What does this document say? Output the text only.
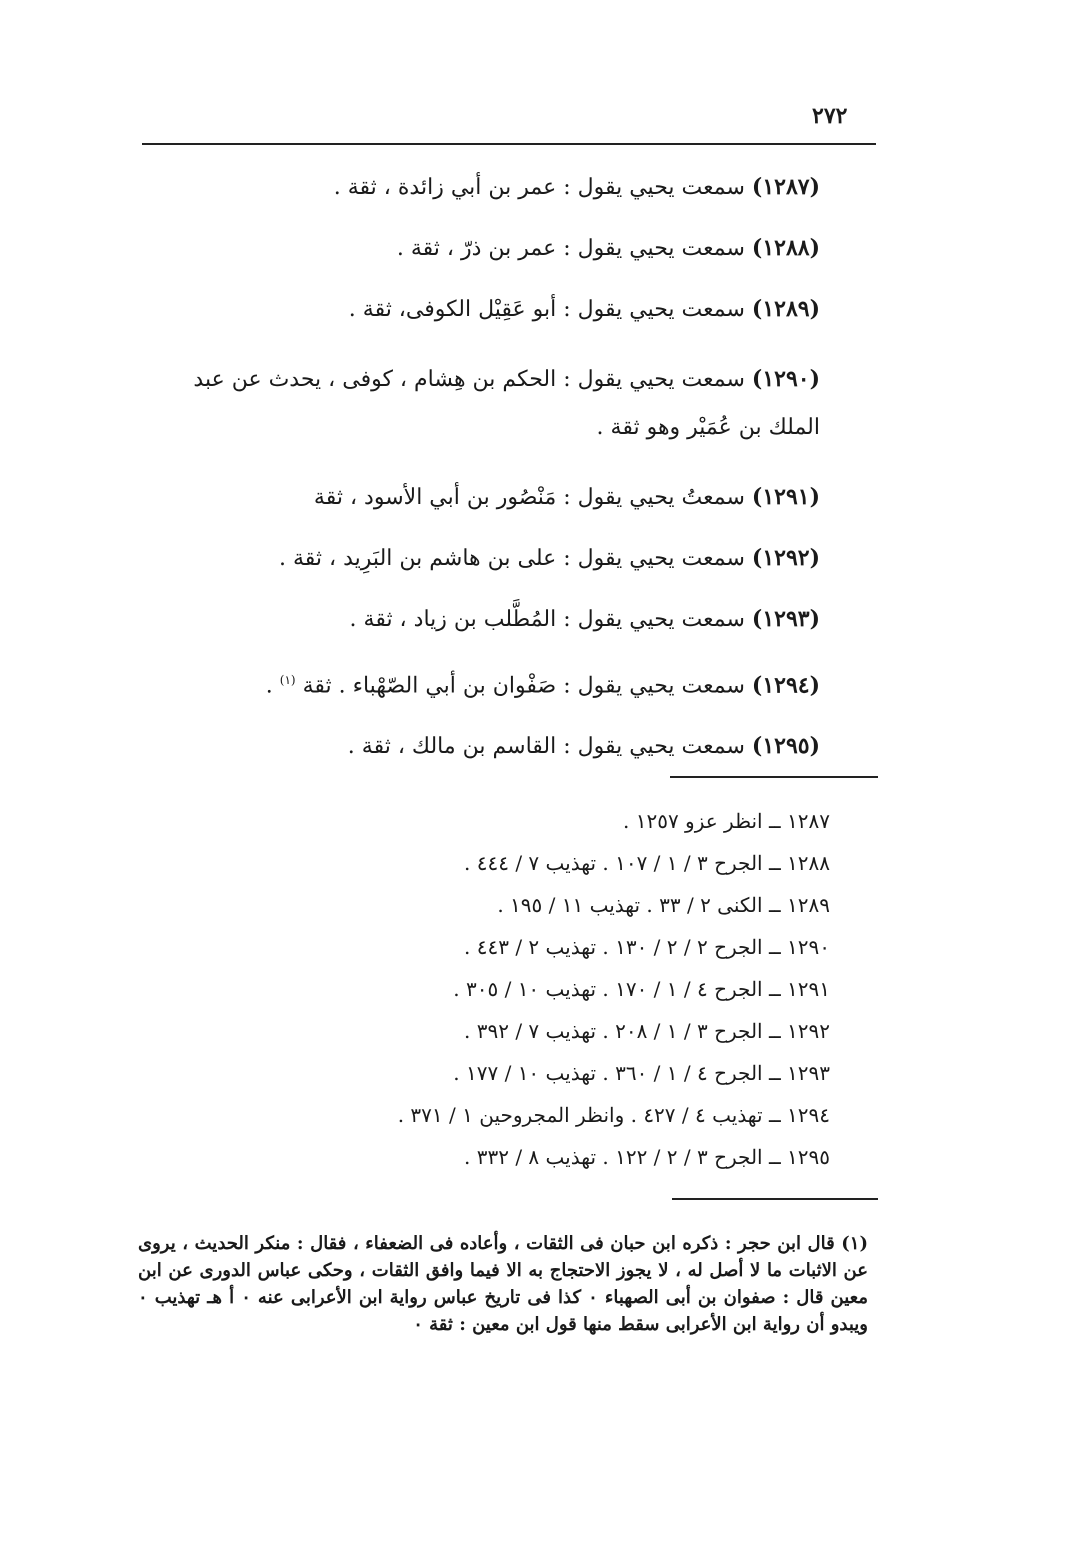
٢٧٢
(١٢٨٧) سمعت يحيي يقول : عمر بن أبي زائدة ، ثقة .
(١٢٨٨) سمعت يحيي يقول : عمر بن ذرّ ، ثقة .
(١٢٨٩) سمعت يحيي يقول : أبو عَقِيْل الكوفى، ثقة .
(١٢٩٠) سمعت يحيي يقول : الحكم بن هِشام ، كوفى ، يحدث عن عبد الملك بن عُمَيْر وهو ثقة .
(١٢٩١) سمعتُ يحيي يقول : مَنْصُور بن أبي الأسود ، ثقة
(١٢٩٢) سمعت يحيي يقول : على بن هاشم بن البَرِيد ، ثقة .
(١٢٩٣) سمعت يحيي يقول : المُطَّلب بن زياد ، ثقة .
(١٢٩٤) سمعت يحيي يقول : صَفْوان بن أبي الصّهْباء . ثقة $^{(١)}$ .
(١٢٩٥) سمعت يحيي يقول : القاسم بن مالك ، ثقة .
١٢٨٧ ــ انظر عزو ١٢٥٧ .
١٢٨٨ ــ الجرح ٣ / ١ / ١٠٧ . تهذيب ٧ / ٤٤٤ .
١٢٨٩ ــ الكنى ٢ / ٣٣ . تهذيب ١١ / ١٩٥ .
١٢٩٠ ــ الجرح ٢ / ٢ / ١٣٠ . تهذيب ٢ / ٤٤٣ .
١٢٩١ ــ الجرح ٤ / ١ / ١٧٠ . تهذيب ١٠ / ٣٠٥ .
١٢٩٢ ــ الجرح ٣ / ١ / ٢٠٨ . تهذيب ٧ / ٣٩٢ .
١٢٩٣ ــ الجرح ٤ / ١ / ٣٦٠ . تهذيب ١٠ / ١٧٧ .
١٢٩٤ ــ تهذيب ٤ / ٤٢٧ . وانظر المجروحين ١ / ٣٧١ .
١٢٩٥ ــ الجرح ٣ / ٢ / ١٢٢ . تهذيب ٨ / ٣٣٢ .
(١) قال ابن حجر : ذكره ابن حبان فى الثقات ، وأعاده فى الضعفاء ، فقال : منكر الحديث ، يروى عن الاثبات ما لا أصل له ، لا يجوز الاحتجاج به الا فيما وافق الثقات ، وحكى عباس الدورى عن ابن معين قال : صفوان بن أبى الصهباء ٠ كذا فى تاريخ عباس رواية ابن الأعرابى عنه ٠ أ هـ تهذيب ٠ ويبدو أن رواية ابن الأعرابى سقط منها قول ابن معين : ثقة ٠
